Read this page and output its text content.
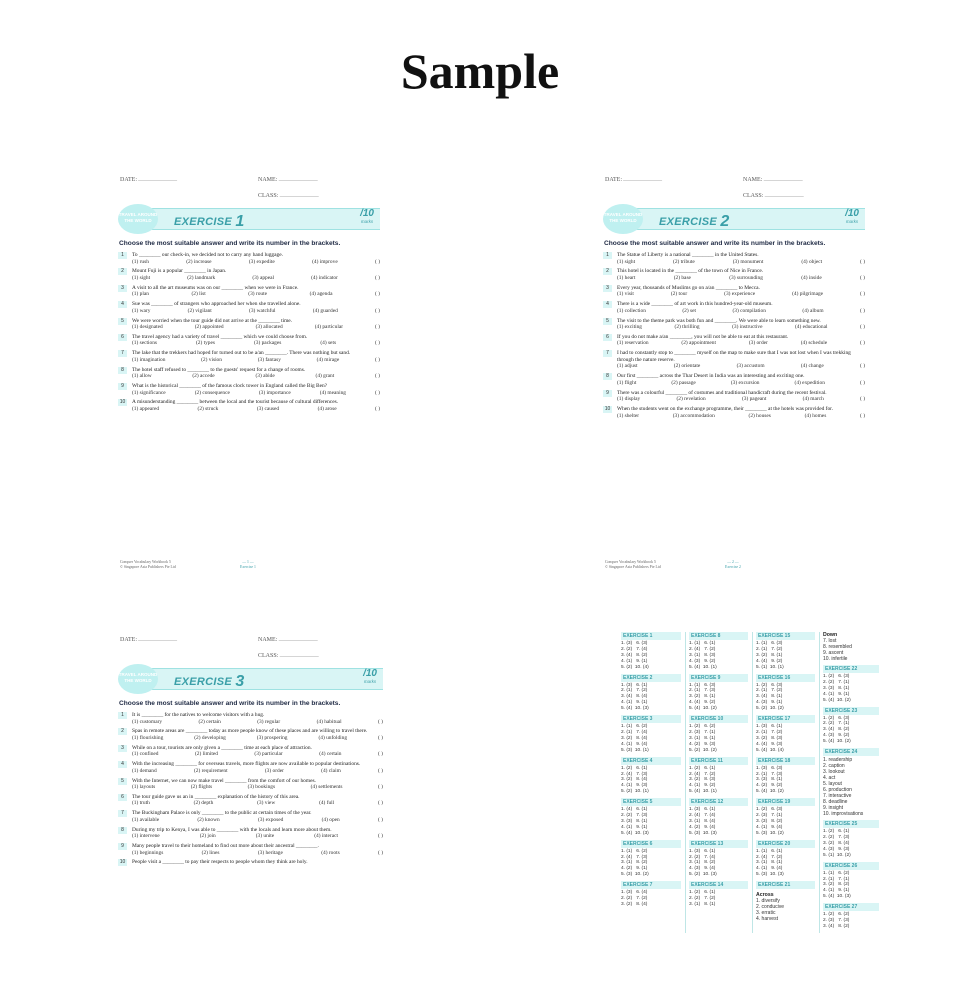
Sample
DATE: .......................................	NAME: .......................................
CLASS: .......................................
TRAVEL AROUND THE WORLD	EXERCISE 1	/10
marks
Choose the most suitable answer and write its number in the brackets.
1	To ________ our check-in, we decided not to carry any hand luggage.
(1) rush	(2) increase	(3) expedite	(4) improve	( )
2	Mount Fuji is a popular ________ in Japan.
(1) sight	(2) landmark	(3) appeal	(4) indicator	( )
3	A visit to all the art museums was on our ________ when we were in France.
(1) plan	(2) list	(3) route	(4) agenda	( )
4	Sue was ________ of strangers who approached her when she travelled alone.
(1) wary	(2) vigilant	(3) watchful	(4) guarded	( )
5	We were worried when the tour guide did not arrive at the ________ time.
(1) designated	(2) appointed	(3) allocated	(4) particular	( )
6	The travel agency had a variety of travel ________ which we could choose from.
(1) sections	(2) types	(3) packages	(4) sets	( )
7	The lake that the trekkers had hoped for turned out to be a/an ________. There was nothing but sand.
(1) imagination	(2) vision	(3) fantasy	(4) mirage	( )
8	The hotel staff refused to ________ to the guests' request for a change of rooms.
(1) allow	(2) accede	(3) abide	(4) grant	( )
9	What is the historical ________ of the famous clock tower in England called the Big Ben?
(1) significance	(2) consequence	(3) importance	(4) meaning	( )
10	A misunderstanding ________ between the local and the tourist because of cultural differences.
(1) appeared	(2) struck	(3) caused	(4) arose	( )
Conquer Vocabulary Workbook 5
© Singapore Asia Publishers Pte Ltd
— 1 —
Exercise 1
DATE: .......................................	NAME: .......................................
CLASS: .......................................
TRAVEL AROUND THE WORLD	EXERCISE 2	/10
marks
Choose the most suitable answer and write its number in the brackets.
1	The Statue of Liberty is a national ________ in the United States.
(1) sight	(2) tribute	(3) monument	(4) object	( )
2	This hotel is located in the ________ of the town of Nice in France.
(1) heart	(2) base	(3) surrounding	(4) inside	( )
3	Every year, thousands of Muslims go on a/an ________ to Mecca.
(1) visit	(2) tour	(3) experience	(4) pilgrimage	( )
4	There is a wide ________ of art work in this hundred-year-old museum.
(1) collection	(2) set	(3) compilation	(4) album	( )
5	The visit to the theme park was both fun and ________. We were able to learn something new.
(1) exciting	(2) thrilling	(3) instructive	(4) educational	( )
6	If you do not make a/an ________, you will not be able to eat at this restaurant.
(1) reservation	(2) appointment	(3) order	(4) schedule	( )
7	I had to constantly stop to ________ myself on the map to make sure that I was not lost when I was trekking through the nature reserve.
(1) adjust	(2) orientate	(3) accustom	(4) change	( )
8	Our first ________ across the Thar Desert in India was an interesting and exciting one.
(1) flight	(2) passage	(3) excursion	(4) expedition	( )
9	There was a colourful ________ of costumes and traditional handicraft during the recent festival.
(1) display	(2) revelation	(3) pageant	(4) march	( )
10	When the students went on the exchange programme, their ________ at the hotels was provided for.
(1) shelter	(3) accommodation	(2) houses	(4) homes	( )
Conquer Vocabulary Workbook 5
© Singapore Asia Publishers Pte Ltd
— 2 —
Exercise 2
DATE: .......................................	NAME: .......................................
CLASS: .......................................
TRAVEL AROUND THE WORLD	EXERCISE 3	/10
marks
Choose the most suitable answer and write its number in the brackets.
1	It is ________ for the natives to welcome visitors with a hug.
(1) customary	(2) certain	(3) regular	(4) habitual	( )
2	Spas in remote areas are ________ today as more people know of these places and are willing to travel there.
(1) flourishing	(2) developing	(3) prospering	(4) unfolding	( )
3	While on a tour, tourists are only given a ________ time at each place of attraction.
(1) confined	(2) limited	(3) particular	(4) certain	( )
4	With the increasing ________ for overseas travels, more flights are now available to popular destinations.
(1) demand	(2) requirement	(3) order	(4) claim	( )
5	With the Internet, we can now make travel ________ from the comfort of our homes.
(1) layouts	(2) flights	(3) bookings	(4) settlements	( )
6	The tour guide gave us an in ________ explanation of the history of this area.
(1) truth	(2) depth	(3) view	(4) full	( )
7	The Buckingham Palace is only ________ to the public at certain times of the year.
(1) available	(2) known	(3) exposed	(4) open	( )
8	During my trip to Kenya, I was able to ________ with the locals and learn more about them.
(1) intervene	(2) join	(3) unite	(4) interact	( )
9	Many people travel to their homeland to find out more about their ancestral ________.
(1) beginnings	(2) lines	(3) heritage	(4) roots	( )
10	People visit a ________ to pay their respects to people whom they think are holy.
EXERCISE 1
1. (3)   6. (3)
2. (2)   7. (4)
3. (4)   8. (2)
4. (1)   9. (1)
5. (2)  10. (4)
EXERCISE 2
1. (3)   6. (1)
2. (1)   7. (2)
3. (4)   8. (4)
4. (1)   9. (1)
5. (4)  10. (3)
EXERCISE 3
1. (1)   6. (2)
2. (1)   7. (4)
3. (2)   8. (4)
4. (1)   9. (4)
5. (3)  10. (1)
EXERCISE 4
1. (2)   6. (1)
2. (4)   7. (3)
3. (2)   8. (4)
4. (1)   9. (3)
5. (2)  10. (1)
EXERCISE 5
1. (4)   6. (1)
2. (2)   7. (3)
3. (3)   8. (1)
4. (1)   9. (1)
5. (4)  10. (3)
EXERCISE 6
1. (1)   6. (2)
2. (4)   7. (3)
3. (1)   8. (2)
4. (2)   9. (1)
5. (3)  10. (2)
EXERCISE 7
1. (3)   6. (4)
2. (2)   7. (2)
3. (2)   8. (4)
EXERCISE 8
1. (1)   6. (1)
2. (4)   7. (2)
3. (1)   8. (3)
4. (3)   9. (2)
5. (4)  10. (1)
EXERCISE 9
1. (1)   6. (3)
2. (1)   7. (3)
3. (2)   8. (1)
4. (4)   9. (2)
5. (4)  10. (2)
EXERCISE 10
1. (2)   6. (2)
2. (3)   7. (1)
3. (1)   8. (1)
4. (2)   9. (3)
5. (2)  10. (2)
EXERCISE 11
1. (2)   6. (1)
2. (4)   7. (2)
3. (2)   8. (3)
4. (1)   9. (2)
5. (4)  10. (1)
EXERCISE 12
1. (3)   6. (1)
2. (4)   7. (4)
3. (1)   8. (4)
4. (2)   9. (4)
5. (3)  10. (3)
EXERCISE 13
1. (3)   6. (1)
2. (2)   7. (4)
3. (1)   8. (2)
4. (3)   9. (4)
5. (2)  10. (3)
EXERCISE 14
1. (2)   6. (1)
2. (2)   7. (2)
3. (1)   8. (1)
EXERCISE 15
1. (1)   6. (3)
2. (1)   7. (2)
3. (2)   8. (1)
4. (4)   9. (2)
5. (1)  10. (1)
EXERCISE 16
1. (2)   6. (3)
2. (1)   7. (2)
3. (4)   8. (1)
4. (3)   9. (1)
5. (2)  10. (2)
EXERCISE 17
1. (3)   6. (1)
2. (1)   7. (2)
3. (2)   8. (3)
4. (4)   9. (3)
5. (4)  10. (4)
EXERCISE 18
1. (3)   6. (3)
2. (1)   7. (3)
3. (3)   8. (1)
4. (2)   9. (2)
5. (4)  10. (2)
EXERCISE 19
1. (2)   6. (3)
2. (3)   7. (1)
3. (3)   8. (2)
4. (1)   9. (4)
5. (3)  10. (2)
EXERCISE 20
1. (1)   6. (1)
2. (4)   7. (2)
3. (1)   8. (1)
4. (1)   9. (4)
5. (3)  10. (3)
EXERCISE 21
Across
1. diversify
2. conducive
3. erratic
4. harvest
Down
7. lost
8. resembled
9. ascent
10. infertile
EXERCISE 22
1. (2)   6. (3)
2. (2)   7. (1)
3. (3)   8. (1)
4. (1)   9. (1)
5. (4)  10. (2)
EXERCISE 23
1. (2)   6. (3)
2. (2)   7. (1)
3. (4)   8. (2)
4. (3)   9. (2)
5. (4)  10. (2)
EXERCISE 24
1. readership
2. caption
3. lookout
4. act
5. layout
6. production
7. interactive
8. deadline
9. insight
10. improvisations
EXERCISE 25
1. (2)   6. (1)
2. (2)   7. (3)
3. (2)   8. (4)
4. (3)   9. (3)
5. (1)  10. (2)
EXERCISE 26
1. (1)   6. (2)
2. (1)   7. (1)
3. (2)   8. (2)
4. (1)   9. (1)
5. (4)  10. (3)
EXERCISE 27
1. (2)   6. (2)
2. (3)   7. (3)
3. (4)   8. (2)
